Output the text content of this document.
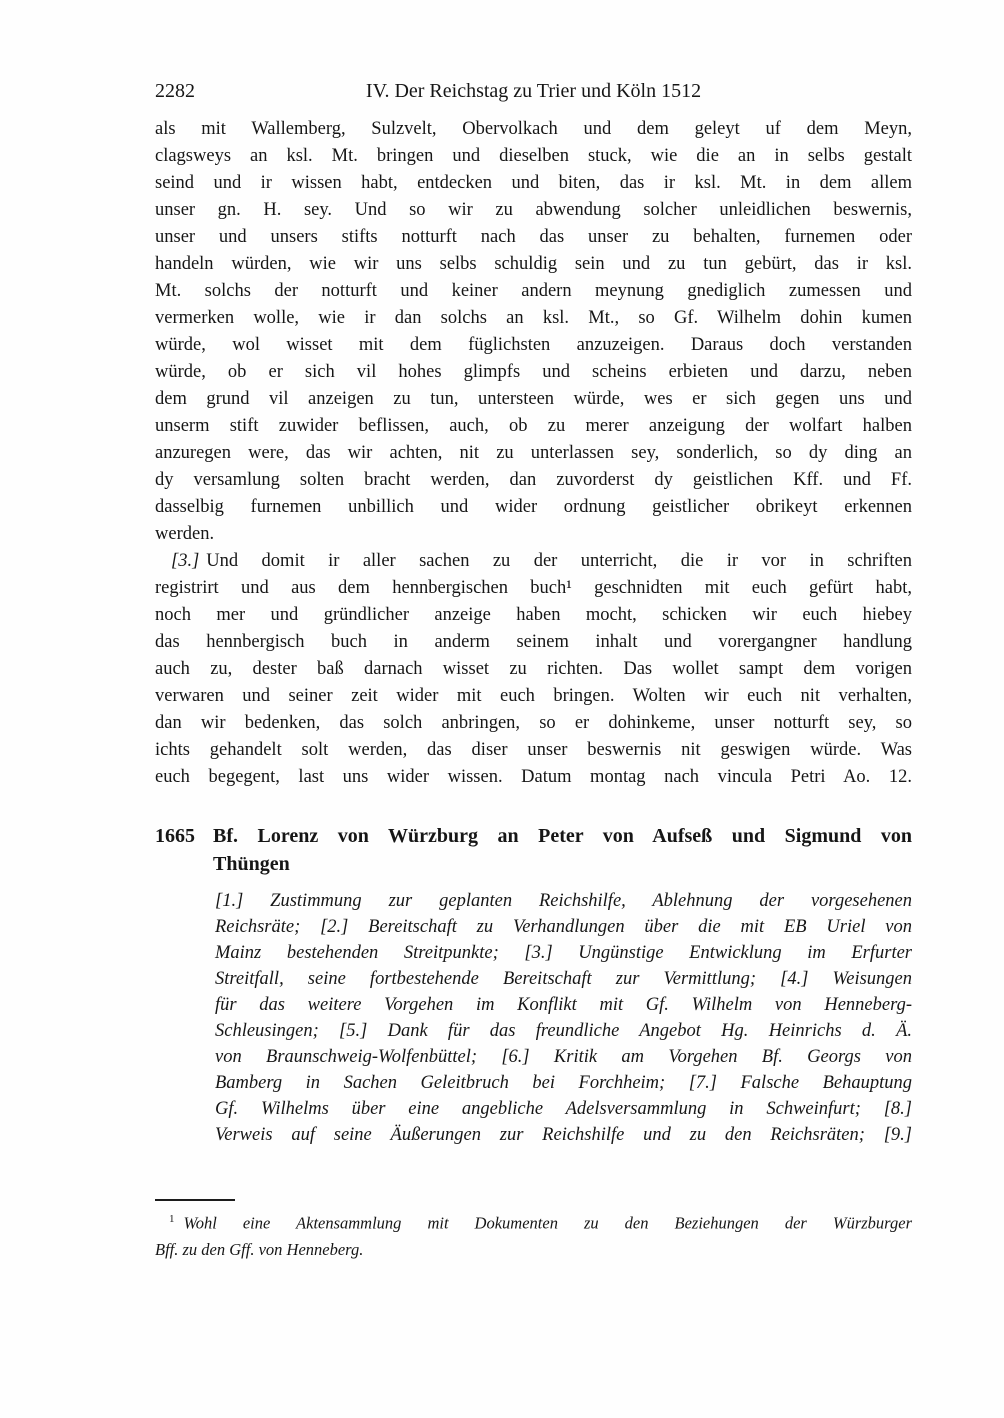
2282	IV. Der Reichstag zu Trier und Köln 1512
als mit Wallemberg, Sulzvelt, Obervolkach und dem geleyt uf dem Meyn,
clagsweys an ksl. Mt. bringen und dieselben stuck, wie die an in selbs gestalt
seind und ir wissen habt, entdecken und biten, das ir ksl. Mt. in dem allem
unser gn. H. sey. Und so wir zu abwendung solcher unleidlichen beswernis,
unser und unsers stifts notturft nach das unser zu behalten, furnemen oder
handeln würden, wie wir uns selbs schuldig sein und zu tun gebürt, das ir ksl.
Mt. solchs der notturft und keiner andern meynung gnediglich zumessen und
vermerken wolle, wie ir dan solchs an ksl. Mt., so Gf. Wilhelm dohin kumen
würde, wol wisset mit dem füglichsten anzuzeigen. Daraus doch verstanden
würde, ob er sich vil hohes glimpfs und scheins erbieten und darzu, neben
dem grund vil anzeigen zu tun, untersteen würde, wes er sich gegen uns und
unserm stift zuwider beflissen, auch, ob zu merer anzeigung der wolfart halben
anzuregen were, das wir achten, nit zu unterlassen sey, sonderlich, so dy ding an
dy versamlung solten bracht werden, dan zuvorderst dy geistlichen Kff. und Ff.
dasselbig furnemen unbillich und wider ordnung geistlicher obrikeyt erkennen
werden.
[3.] Und domit ir aller sachen zu der unterricht, die ir vor in schriften
registrirt und aus dem hennbergischen buch¹ geschnidten mit euch gefürt habt,
noch mer und gründlicher anzeige haben mocht, schicken wir euch hiebey
das hennbergisch buch in anderm seinem inhalt und vorergangner handlung
auch zu, dester baß darnach wisset zu richten. Das wollet sampt dem vorigen
verwaren und seiner zeit wider mit euch bringen. Wolten wir euch nit verhalten,
dan wir bedenken, das solch anbringen, so er dohinkeme, unser notturft sey, so
ichts gehandelt solt werden, das diser unser beswernis nit geswigen würde. Was
euch begegent, last uns wider wissen. Datum montag nach vincula Petri Ao. 12.
1665 Bf. Lorenz von Würzburg an Peter von Aufseß und Sigmund von
Thüngen
[1.] Zustimmung zur geplanten Reichshilfe, Ablehnung der vorgesehenen
Reichsräte; [2.] Bereitschaft zu Verhandlungen über die mit EB Uriel von
Mainz bestehenden Streitpunkte; [3.] Ungünstige Entwicklung im Erfurter
Streitfall, seine fortbestehende Bereitschaft zur Vermittlung; [4.] Weisungen
für das weitere Vorgehen im Konflikt mit Gf. Wilhelm von Henneberg-
Schleusingen; [5.] Dank für das freundliche Angebot Hg. Heinrichs d. Ä.
von Braunschweig-Wolfenbüttel; [6.] Kritik am Vorgehen Bf. Georgs von
Bamberg in Sachen Geleitbruch bei Forchheim; [7.] Falsche Behauptung
Gf. Wilhelms über eine angebliche Adelsversammlung in Schweinfurt; [8.]
Verweis auf seine Äußerungen zur Reichshilfe und zu den Reichsräten; [9.]
$^1$ Wohl eine Aktensammlung mit Dokumenten zu den Beziehungen der Würzburger
Bff. zu den Gff. von Henneberg.
